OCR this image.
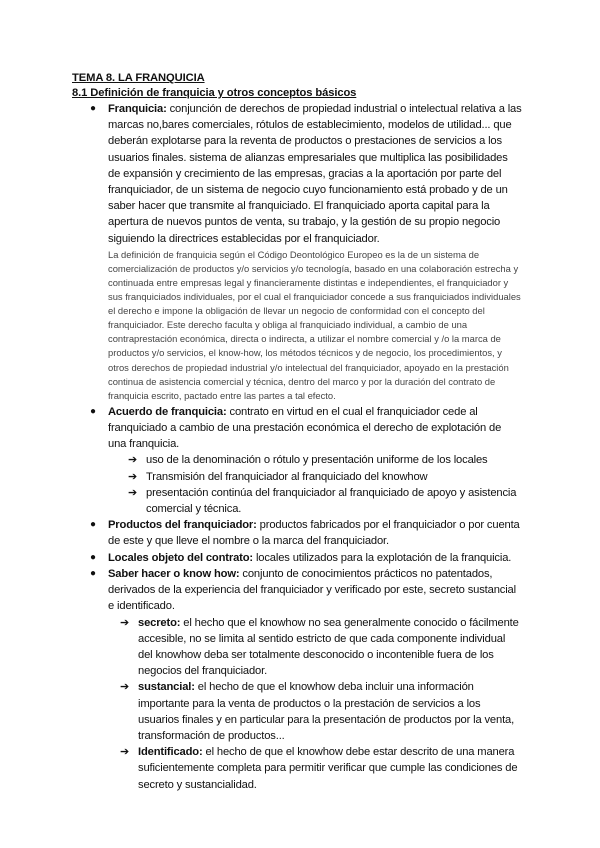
TEMA 8. LA FRANQUICIA
8.1 Definición de franquicia y otros conceptos básicos
● Franquicia: conjunción de derechos de propiedad industrial o intelectual relativa a las marcas no,bares comerciales, rótulos de establecimiento, modelos de utilidad... que deberán explotarse para la reventa de productos o prestaciones de servicios a los usuarios finales. sistema de alianzas empresariales que multiplica las posibilidades de expansión y crecimiento de las empresas, gracias a la aportación por parte del franquiciador, de un sistema de negocio cuyo funcionamiento está probado y de un saber hacer que transmite al franquiciado. El franquiciado aporta capital para la apertura de nuevos puntos de venta, su trabajo, y la gestión de su propio negocio siguiendo la directrices establecidas por el franquiciador.
La definición de franquicia según el Código Deontológico Europeo es la de un sistema de comercialización de productos y/o servicios y/o tecnología, basado en una colaboración estrecha y continuada entre empresas legal y financieramente distintas e independientes, el franquiciador y sus franquiciados individuales, por el cual el franquiciador concede a sus franquiciados individuales el derecho e impone la obligación de llevar un negocio de conformidad con el concepto del franquiciador. Este derecho faculta y obliga al franquiciado individual, a cambio de una contraprestación económica, directa o indirecta, a utilizar el nombre comercial y /o la marca de productos y/o servicios, el know-how, los métodos técnicos y de negocio, los procedimientos, y otros derechos de propiedad industrial y/o intelectual del franquiciador, apoyado en la prestación continua de asistencia comercial y técnica, dentro del marco y por la duración del contrato de franquicia escrito, pactado entre las partes a tal efecto.
● Acuerdo de franquicia: contrato en virtud en el cual el franquiciador cede al franquiciado a cambio de una prestación económica el derecho de explotación de una franquicia.
➔ uso de la denominación o rótulo y presentación uniforme de los locales
➔ Transmisión del franquiciador al franquiciado del knowhow
➔ presentación continúa del franquiciador al franquiciado de apoyo y asistencia comercial y técnica.
● Productos del franquiciador: productos fabricados por el franquiciador o por cuenta de este y que lleve el nombre o la marca del franquiciador.
● Locales objeto del contrato: locales utilizados para la explotación de la franquicia.
● Saber hacer o know how: conjunto de conocimientos prácticos no patentados, derivados de la experiencia del franquiciador y verificado por este, secreto sustancial e identificado.
➔ secreto: el hecho que el knowhow no sea generalmente conocido o fácilmente accesible, no se limita al sentido estricto de que cada componente individual del knowhow deba ser totalmente desconocido o incontenible fuera de los negocios del franquiciador.
➔ sustancial: el hecho de que el knowhow deba incluir una información importante para la venta de productos o la prestación de servicios a los usuarios finales y en particular para la presentación de productos por la venta, transformación de productos...
➔ Identificado: el hecho de que el knowhow debe estar descrito de una manera suficientemente completa para permitir verificar que cumple las condiciones de secreto y sustancialidad.
